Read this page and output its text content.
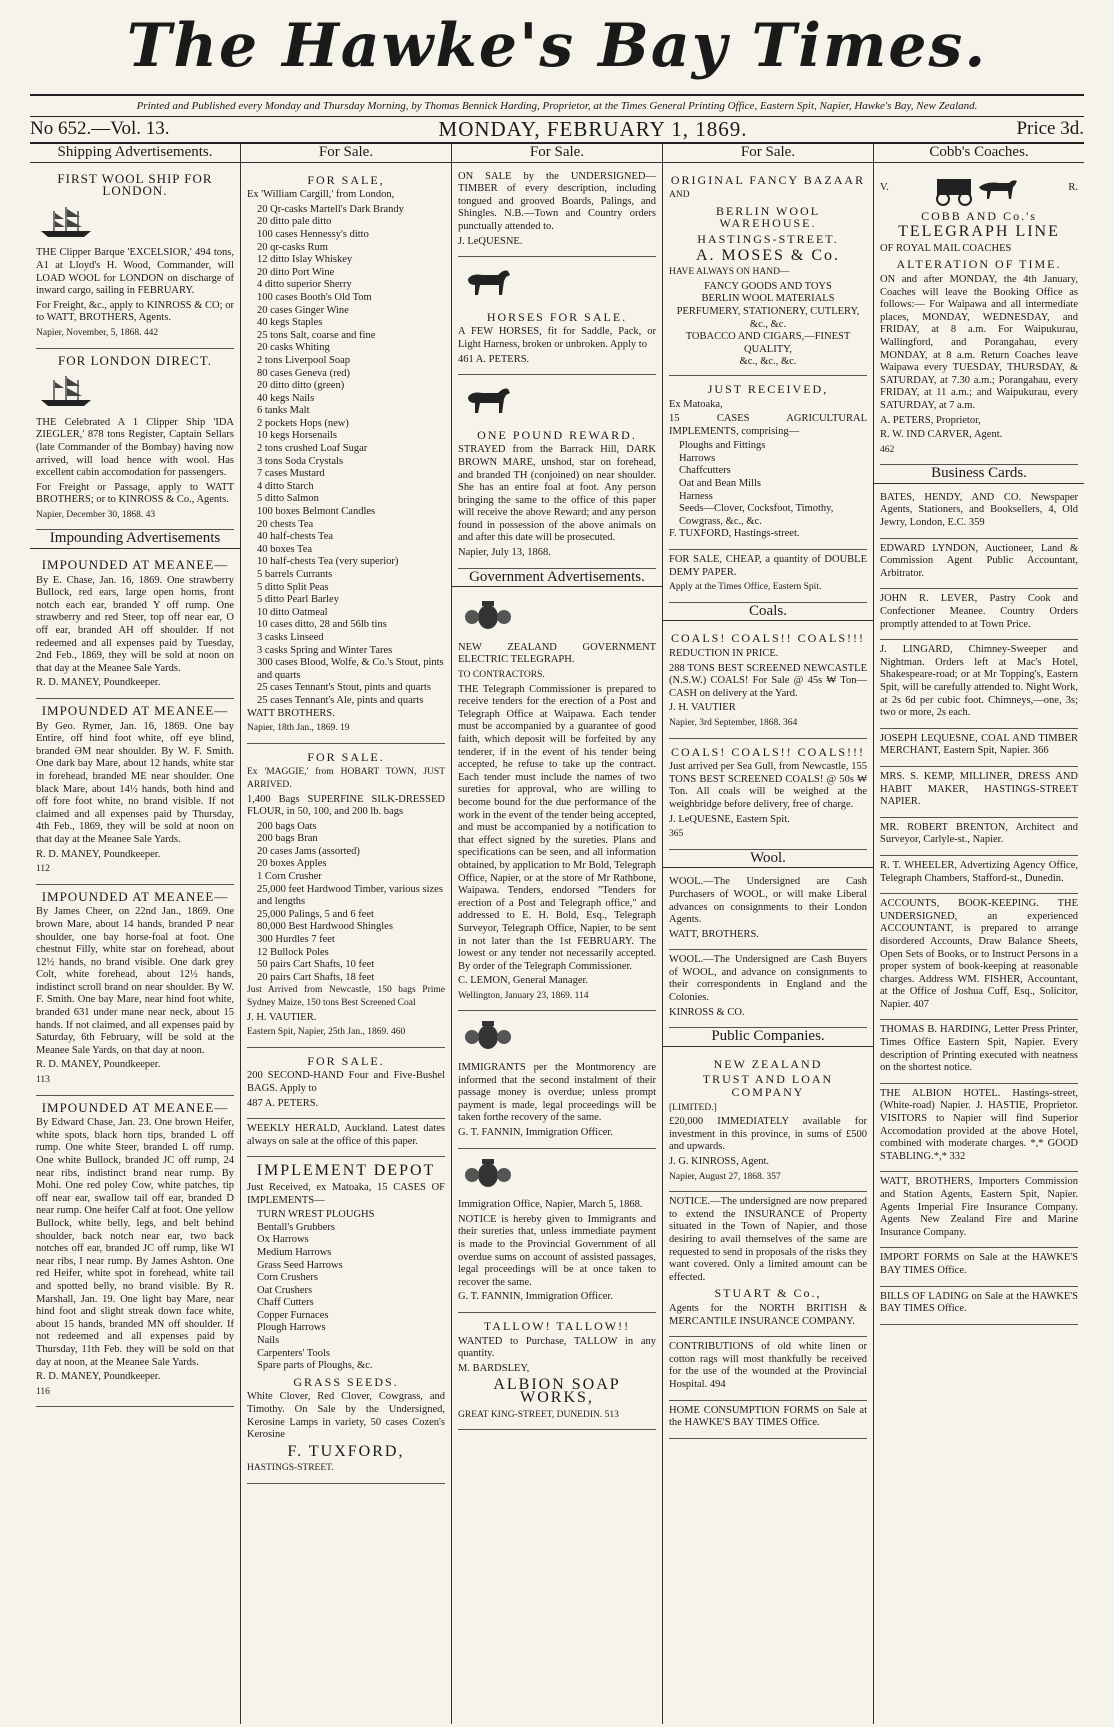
The Hawke's Bay Times.
Printed and Published every Monday and Thursday Morning, by Thomas Bennick Harding, Proprietor, at the Times General Printing Office, Eastern Spit, Napier, Hawke's Bay, New Zealand.
No 652.—Vol. 13.	MONDAY, FEBRUARY 1, 1869.	Price 3d.
Shipping Advertisements.
FIRST WOOL SHIP FOR LONDON.

THE Clipper Barque 'EXCELSIOR,' 494 tons, A1 at Lloyd's H. Wood, Commander, will LOAD WOOL for LONDON on discharge of inward cargo, sailing in FEBRUARY.

For Freight, &c., apply to KINROSS & CO; or to WATT, BROTHERS, Agents.

Napier, November, 5, 1868. 442

FOR LONDON DIRECT.

THE Celebrated A 1 Clipper Ship 'IDA ZIEGLER,' 878 tons Register, Captain Sellars (late Commander of the Bombay) having now arrived, will load hence with wool. Has excellent cabin accomodation for passengers.

For Freight or Passage, apply to WATT BROTHERS; or to KINROSS & Co., Agents.

Napier, December 30, 1868. 43

Impounding Advertisements
IMPOUNDED AT MEANEE—

By E. Chase, Jan. 16, 1869. One strawberry Bullock, red ears, large open horns, front notch each ear, branded Y off rump. One strawberry and red Steer, top off near ear, O off ear, branded AH off shoulder. If not redeemed and all expenses paid by Tuesday, 2nd Feb., 1869, they will be sold at noon on that day at the Meanee Sale Yards.

R. D. MANEY, Poundkeeper.

IMPOUNDED AT MEANEE—

By Geo. Rymer, Jan. 16, 1869. One bay Entire, off hind foot white, off eye blind, branded ƏM near shoulder. By W. F. Smith. One dark bay Mare, about 12 hands, white star in forehead, branded ME near shoulder. One black Mare, about 14½ hands, both hind and off fore foot white, no brand visible. If not claimed and all expenses paid by Thursday, 4th Feb., 1869, they will be sold at noon on that day at the Meanee Sale Yards.

R. D. MANEY, Poundkeeper.

112

IMPOUNDED AT MEANEE—

By James Cheer, on 22nd Jan., 1869. One brown Mare, about 14 hands, branded P near shoulder, one bay horse-foal at foot. One chestnut Filly, white star on forehead, about 12½ hands, no brand visible. One dark grey Colt, white forehead, about 12½ hands, indistinct scroll brand on near shoulder. By W. F. Smith. One bay Mare, near hind foot white, branded 631 under mane near neck, about 15 hands. If not claimed, and all expenses paid by Saturday, 6th February, will be sold at the Meanee Sale Yards, on that day at noon.

R. D. MANEY, Poundkeeper.

113

IMPOUNDED AT MEANEE—

By Edward Chase, Jan. 23. One brown Heifer, white spots, black horn tips, branded L off rump. One white Steer, branded L off rump. One white Bullock, branded JC off rump, 24 near ribs, indistinct brand near rump. By Mohi. One red poley Cow, white patches, tip off near ear, swallow tail off ear, branded D near rump. One heifer Calf at foot. One yellow Bullock, white belly, legs, and belt behind shoulder, back notch near ear, two back notches off ear, branded JC off rump, like WI near ribs, I near rump. By James Ashton. One red Heifer, white spot in forehead, white tail and spotted belly, no brand visible. By R. Marshall, Jan. 19. One light bay Mare, near hind foot and slight streak down face white, about 15 hands, branded MN off shoulder. If not redeemed and all expenses paid by Thursday, 11th Feb. they will be sold on that day at noon, at the Meanee Sale Yards.

R. D. MANEY, Poundkeeper.

116

For Sale.
FOR SALE,

Ex 'William Cargill,' from London,

20 Qr-casks Martell's Dark Brandy
20 ditto pale ditto
100 cases Hennessy's ditto
20 qr-casks Rum
12 ditto Islay Whiskey
20 ditto Port Wine
4 ditto superior Sherry
100 cases Booth's Old Tom
20 cases Ginger Wine
40 kegs Staples
25 tons Salt, coarse and fine
20 casks Whiting
2 tons Liverpool Soap
80 cases Geneva (red)
20 ditto ditto (green)
40 kegs Nails
6 tanks Malt
2 pockets Hops (new)
10 kegs Horsenails
2 tons crushed Loaf Sugar
3 tons Soda Crystals
7 cases Mustard
4 ditto Starch
5 ditto Salmon
100 boxes Belmont Candles
20 chests Tea
40 half-chests Tea
40 boxes Tea
10 half-chests Tea (very superior)
5 barrels Currants
5 ditto Split Peas
5 ditto Pearl Barley
10 ditto Oatmeal
10 cases ditto, 28 and 56lb tins
3 casks Linseed
3 casks Spring and Winter Tares
300 cases Blood, Wolfe, & Co.'s Stout, pints and quarts
25 cases Tennant's Stout, pints and quarts
25 cases Tennant's Ale, pints and quarts

WATT BROTHERS.

Napier, 18th Jan., 1869. 19

FOR SALE.

Ex 'MAGGIE,' from HOBART TOWN, JUST ARRIVED.

1,400 Bags SUPERFINE SILK-DRESSED FLOUR, in 50, 100, and 200 lb. bags

200 bags Oats
200 bags Bran
20 cases Jams (assorted)
20 boxes Apples
1 Corn Crusher
25,000 feet Hardwood Timber, various sizes and lengths
25,000 Palings, 5 and 6 feet
80,000 Best Hardwood Shingles
300 Hurdles 7 feet
12 Bullock Poles
50 pairs Cart Shafts, 10 feet
20 pairs Cart Shafts, 18 feet

Just Arrived from Newcastle, 150 bags Prime Sydney Maize, 150 tons Best Screened Coal

J. H. VAUTIER.

Eastern Spit, Napier, 25th Jan., 1869. 460

FOR SALE.

200 SECOND-HAND Four and Five-Bushel BAGS. Apply to

487 A. PETERS.

WEEKLY HERALD, Auckland. Latest dates always on sale at the office of this paper.

IMPLEMENT DEPOT

Just Received, ex Matoaka, 15 CASES OF IMPLEMENTS—

TURN WREST PLOUGHS
Bentall's Grubbers
Ox Harrows
Medium Harrows
Grass Seed Harrows
Corn Crushers
Oat Crushers
Chaff Cutters
Copper Furnaces
Plough Harrows
Nails
Carpenters' Tools
Spare parts of Ploughs, &c.
GRASS SEEDS.

White Clover, Red Clover, Cowgrass, and Timothy. On Sale by the Undersigned, Kerosine Lamps in variety, 50 cases Cozen's Kerosine

F. TUXFORD,

HASTINGS-STREET.

For Sale.

ON SALE by the UNDERSIGNED—TIMBER of every description, including tongued and grooved Boards, Palings, and Shingles. N.B.—Town and Country orders punctually attended to.

J. LeQUESNE.

HORSES FOR SALE.

A FEW HORSES, fit for Saddle, Pack, or Light Harness, broken or unbroken. Apply to

461 A. PETERS.

ONE POUND REWARD.

STRAYED from the Barrack Hill, DARK BROWN MARE, unshod, star on forehead, and branded TH (conjoined) on near shoulder. She has an entire foal at foot. Any person bringing the same to the office of this paper will receive the above Reward; and any person found in possession of the above animals on and after this date will be prosecuted.

Napier, July 13, 1868.

Government Advertisements.

NEW ZEALAND GOVERNMENT ELECTRIC TELEGRAPH.

TO CONTRACTORS.

THE Telegraph Commissioner is prepared to receive tenders for the erection of a Post and Telegraph Office at Waipawa. Each tender must be accompanied by a guarantee of good faith, which deposit will be forfeited by any tenderer, if in the event of his tender being accepted, he refuse to take up the contract. Each tender must include the names of two sureties for approval, who are willing to become bound for the due performance of the work in the event of the tender being accepted, and must be accompanied by a notification to that effect signed by the sureties. Plans and specifications can be seen, and all information obtained, by application to Mr Bold, Telegraph Office, Napier, or at the store of Mr Rathbone, Waipawa. Tenders, endorsed "Tenders for erection of a Post and Telegraph office," and addressed to E. H. Bold, Esq., Telegraph Surveyor, Telegraph Office, Napier, to be sent in not later than the 1st FEBRUARY. The lowest or any tender not necessarily accepted. By order of the Telegraph Commissioner.

C. LEMON, General Manager.

Wellington, January 23, 1869. 114

IMMIGRANTS per the Montmorency are informed that the second instalment of their passage money is overdue; unless prompt payment is made, legal proceedings will be taken forthe recovery of the same.

G. T. FANNIN, Immigration Officer.

Immigration Office, Napier, March 5, 1868.

NOTICE is hereby given to Immigrants and their sureties that, unless immediate payment is made to the Provincial Government of all overdue sums on account of assisted passages, legal proceedings will be at once taken to recover the same.

G. T. FANNIN, Immigration Officer.

TALLOW! TALLOW!!

WANTED to Purchase, TALLOW in any quantity.

M. BARDSLEY,

ALBION SOAP WORKS,

GREAT KING-STREET, DUNEDIN. 513

For Sale.
ORIGINAL FANCY BAZAAR

AND

BERLIN WOOL WAREHOUSE.
HASTINGS-STREET.
A. MOSES & Co.

HAVE ALWAYS ON HAND—

FANCY GOODS AND TOYS
BERLIN WOOL MATERIALS
PERFUMERY, STATIONERY, CUTLERY, &c., &c.
TOBACCO AND CIGARS,—FINEST QUALITY,
&c., &c., &c.
JUST RECEIVED,

Ex Matoaka,

15 CASES AGRICULTURAL IMPLEMENTS, comprising—

Ploughs and Fittings
Harrows
Chaffcutters
Oat and Bean Mills
Harness
Seeds—Clover, Cocksfoot, Timothy, Cowgrass, &c., &c.

F. TUXFORD, Hastings-street.

FOR SALE, CHEAP, a quantity of DOUBLE DEMY PAPER.

Apply at the Times Office, Eastern Spit.

Coals.
COALS! COALS!! COALS!!!

REDUCTION IN PRICE.

288 TONS BEST SCREENED NEWCASTLE (N.S.W.) COALS! For Sale @ 45s ₩ Ton—CASH on delivery at the Yard.

J. H. VAUTIER

Napier, 3rd September, 1868. 364

COALS! COALS!! COALS!!!

Just arrived per Sea Gull, from Newcastle, 155 TONS BEST SCREENED COALS! @ 50s ₩ Ton. All coals will be weighed at the weighbridge before delivery, free of charge.

J. LeQUESNE, Eastern Spit.

365

Wool.

WOOL.—The Undersigned are Cash Purchasers of WOOL, or will make Liberal advances on consignments to their London Agents.

WATT, BROTHERS.

WOOL.—The Undersigned are Cash Buyers of WOOL, and advance on consignments to their correspondents in England and the Colonies.

KINROSS & CO.

Public Companies.
NEW ZEALAND
TRUST AND LOAN COMPANY

[LIMITED.]

£20,000 IMMEDIATELY available for investment in this province, in sums of £500 and upwards.

J. G. KINROSS, Agent.

Napier, August 27, 1868. 357

NOTICE.—The undersigned are now prepared to extend the INSURANCE of Property situated in the Town of Napier, and those desiring to avail themselves of the same are requested to send in proposals of the risks they want covered. Only a limited amount can be effected.

STUART & Co.,

Agents for the NORTH BRITISH & MERCANTILE INSURANCE COMPANY.

CONTRIBUTIONS of old white linen or cotton rags will most thankfully be received for the use of the wounded at the Provincial Hospital. 494

HOME CONSUMPTION FORMS on Sale at the HAWKE'S BAY TIMES Office.

Cobb's Coaches.
V.	R.
COBB AND Co.'s
TELEGRAPH LINE

OF ROYAL MAIL COACHES

ALTERATION OF TIME.

ON and after MONDAY, the 4th January, Coaches will leave the Booking Office as follows:— For Waipawa and all intermediate places, MONDAY, WEDNESDAY, and FRIDAY, at 8 a.m. For Waipukurau, Wallingford, and Porangahau, every MONDAY, at 8 a.m. Return Coaches leave Waipawa every TUESDAY, THURSDAY, & SATURDAY, at 7.30 a.m.; Porangahau, every FRIDAY, at 11 a.m.; and Waipukurau, every SATURDAY, at 7 a.m.

A. PETERS, Proprietor,

R. W. IND CARVER, Agent.

462

Business Cards.

BATES, HENDY, AND CO. Newspaper Agents, Stationers, and Booksellers, 4, Old Jewry, London, E.C. 359

EDWARD LYNDON, Auctioneer, Land & Commission Agent Public Accountant, Arbitrator.

JOHN R. LEVER, Pastry Cook and Confectioner Meanee. Country Orders promptly attended to at Town Price.

J. LINGARD, Chimney-Sweeper and Nightman. Orders left at Mac's Hotel, Shakespeare-road; or at Mr Topping's, Eastern Spit, will be carefully attended to. Night Work, at 2s 6d per cubic foot. Chimneys,—one, 3s; two or more, 2s each.

JOSEPH LEQUESNE, COAL AND TIMBER MERCHANT, Eastern Spit, Napier. 366

MRS. S. KEMP, MILLINER, DRESS AND HABIT MAKER, HASTINGS-STREET NAPIER.

MR. ROBERT BRENTON, Architect and Surveyor, Carlyle-st., Napier.

R. T. WHEELER, Advertizing Agency Office, Telegraph Chambers, Stafford-st., Dunedin.

ACCOUNTS, BOOK-KEEPING. THE UNDERSIGNED, an experienced ACCOUNTANT, is prepared to arrange disordered Accounts, Draw Balance Sheets, Open Sets of Books, or to Instruct Persons in a proper system of book-keeping at reasonable charges. Address WM. FISHER, Accountant, at the Office of Joshua Cuff, Esq., Solicitor, Napier. 407

THOMAS B. HARDING, Letter Press Printer, Times Office Eastern Spit, Napier. Every description of Printing executed with neatness on the shortest notice.

THE ALBION HOTEL. Hastings-street, (White-road) Napier. J. HASTIE, Proprietor. VISITORS to Napier will find Superior Accomodation provided at the above Hotel, combined with moderate charges. *,* GOOD STABLING.*,* 332

WATT, BROTHERS, Importers Commission and Station Agents, Eastern Spit, Napier. Agents Imperial Fire Insurance Company. Agents New Zealand Fire and Marine Insurance Company.

IMPORT FORMS on Sale at the HAWKE'S BAY TIMES Office.

BILLS OF LADING on Sale at the HAWKE'S BAY TIMES Office.
